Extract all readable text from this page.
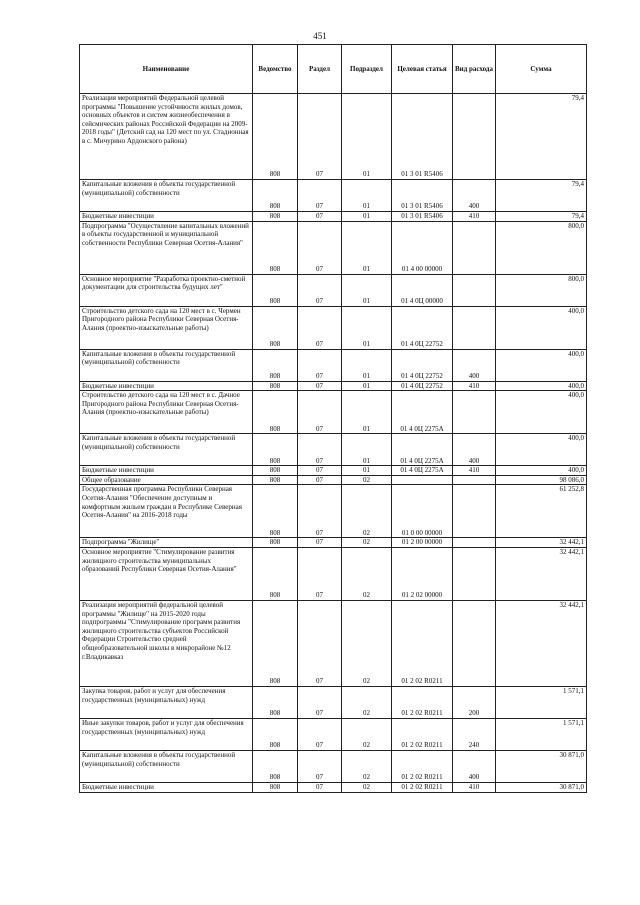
451
Наименование	Ведомство	Раздел	Подраздел	Целевая статья	Вид расхода	Сумма
Реализация мероприятий Федеральной целевой программы "Повышение устойчивости жилых домов, основных объектов и систем жизнеобеспечения в сейсмических районах Российской Федерации на 2009-2018 годы" (Детский сад на 120 мест по ул. Стадионная в с. Мичурино Ардонского района)	808	07	01	01 3 01 R5406		79,4
Капитальные вложения в объекты государственной (муниципальной) собственности	808	07	01	01 3 01 R5406	400	79,4
Бюджетные инвестиции	808	07	01	01 3 01 R5406	410	79,4
Подпрограмма "Осуществление капитальных вложений в объекты государственной и муниципальной собственности Республики Северная Осетия-Алания"	808	07	01	01 4 00 00000		800,0
Основное мероприятие "Разработка проектно-сметной документации для строительства будущих лет"	808	07	01	01 4 0Ц 00000		800,0
Строительство детского сада на 120 мест в с. Чермен Пригородного района Республики Северная Осетия-Алания (проектно-изыскательные работы)	808	07	01	01 4 0Ц 22752		400,0
Капитальные вложения в объекты государственной (муниципальной) собственности	808	07	01	01 4 0Ц 22752	400	400,0
Бюджетные инвестиции	808	07	01	01 4 0Ц 22752	410	400,0
Строительство детского сада на 120 мест в с. Дачное Пригородного района Республики Северная Осетия-Алания (проектно-изыскательные работы)	808	07	01	01 4 0Ц 2275А		400,0
Капитальные вложения в объекты государственной (муниципальной) собственности	808	07	01	01 4 0Ц 2275А	400	400,0
Бюджетные инвестиции	808	07	01	01 4 0Ц 2275А	410	400,0
Общее образование	808	07	02			98 086,0
Государственная программа Республики Северная Осетия-Алания "Обеспечение доступным и комфортным жильем граждан в Республике Северная Осетия-Алания" на 2016-2018 годы	808	07	02	01 0 00 00000		61 252,8
Подпрограмма "Жилище"	808	07	02	01 2 00 00000		32 442,1
Основное мероприятие "Стимулирование развития жилищного строительства муниципальных образований Республики Северная Осетия-Алания"	808	07	02	01 2 02 00000		32 442,1
Реализация мероприятий федеральной целевой программы "Жилище" на 2015-2020 годы подпрограммы "Стимулирование программ развития жилищного строительства субъектов Российской Федерации Строительство средней общеобразовательной школы в микрорайоне №12 г.Владикавказ	808	07	02	01 2 02 R0211		32 442,1
Закупка товаров, работ и услуг для обеспечения государственных (муниципальных) нужд	808	07	02	01 2 02 R0211	200	1 571,1
Иные закупки товаров, работ и услуг для обеспечения государственных (муниципальных) нужд	808	07	02	01 2 02 R0211	240	1 571,1
Капитальные вложения в объекты государственной (муниципальной) собственности	808	07	02	01 2 02 R0211	400	30 871,0
Бюджетные инвестиции	808	07	02	01 2 02 R0211	410	30 871,0
